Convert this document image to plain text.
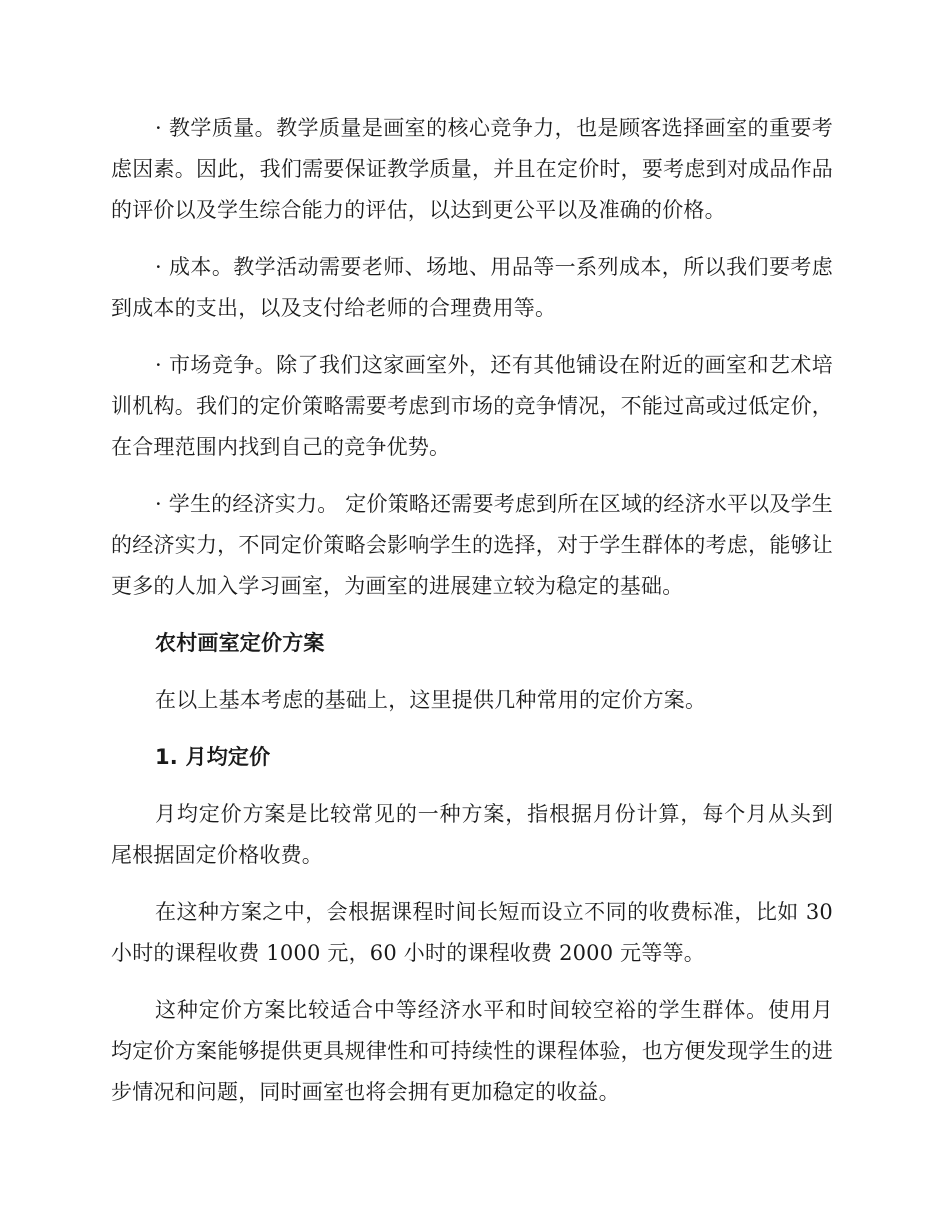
· 教学质量。教学质量是画室的核心竞争力，也是顾客选择画室的重要考虑因素。因此，我们需要保证教学质量，并且在定价时，要考虑到对成品作品的评价以及学生综合能力的评估，以达到更公平以及准确的价格。

· 成本。教学活动需要老师、场地、用品等一系列成本，所以我们要考虑到成本的支出，以及支付给老师的合理费用等。

· 市场竞争。除了我们这家画室外，还有其他铺设在附近的画室和艺术培训机构。我们的定价策略需要考虑到市场的竞争情况，不能过高或过低定价，在合理范围内找到自己的竞争优势。

· 学生的经济实力。 定价策略还需要考虑到所在区域的经济水平以及学生的经济实力，不同定价策略会影响学生的选择，对于学生群体的考虑，能够让更多的人加入学习画室，为画室的进展建立较为稳定的基础。

农村画室定价方案

在以上基本考虑的基础上，这里提供几种常用的定价方案。

1. 月均定价

月均定价方案是比较常见的一种方案，指根据月份计算，每个月从头到尾根据固定价格收费。

在这种方案之中，会根据课程时间长短而设立不同的收费标准，比如 30 小时的课程收费 1000 元，60 小时的课程收费 2000 元等等。

这种定价方案比较适合中等经济水平和时间较空裕的学生群体。使用月均定价方案能够提供更具规律性和可持续性的课程体验，也方便发现学生的进步情况和问题，同时画室也将会拥有更加稳定的收益。
